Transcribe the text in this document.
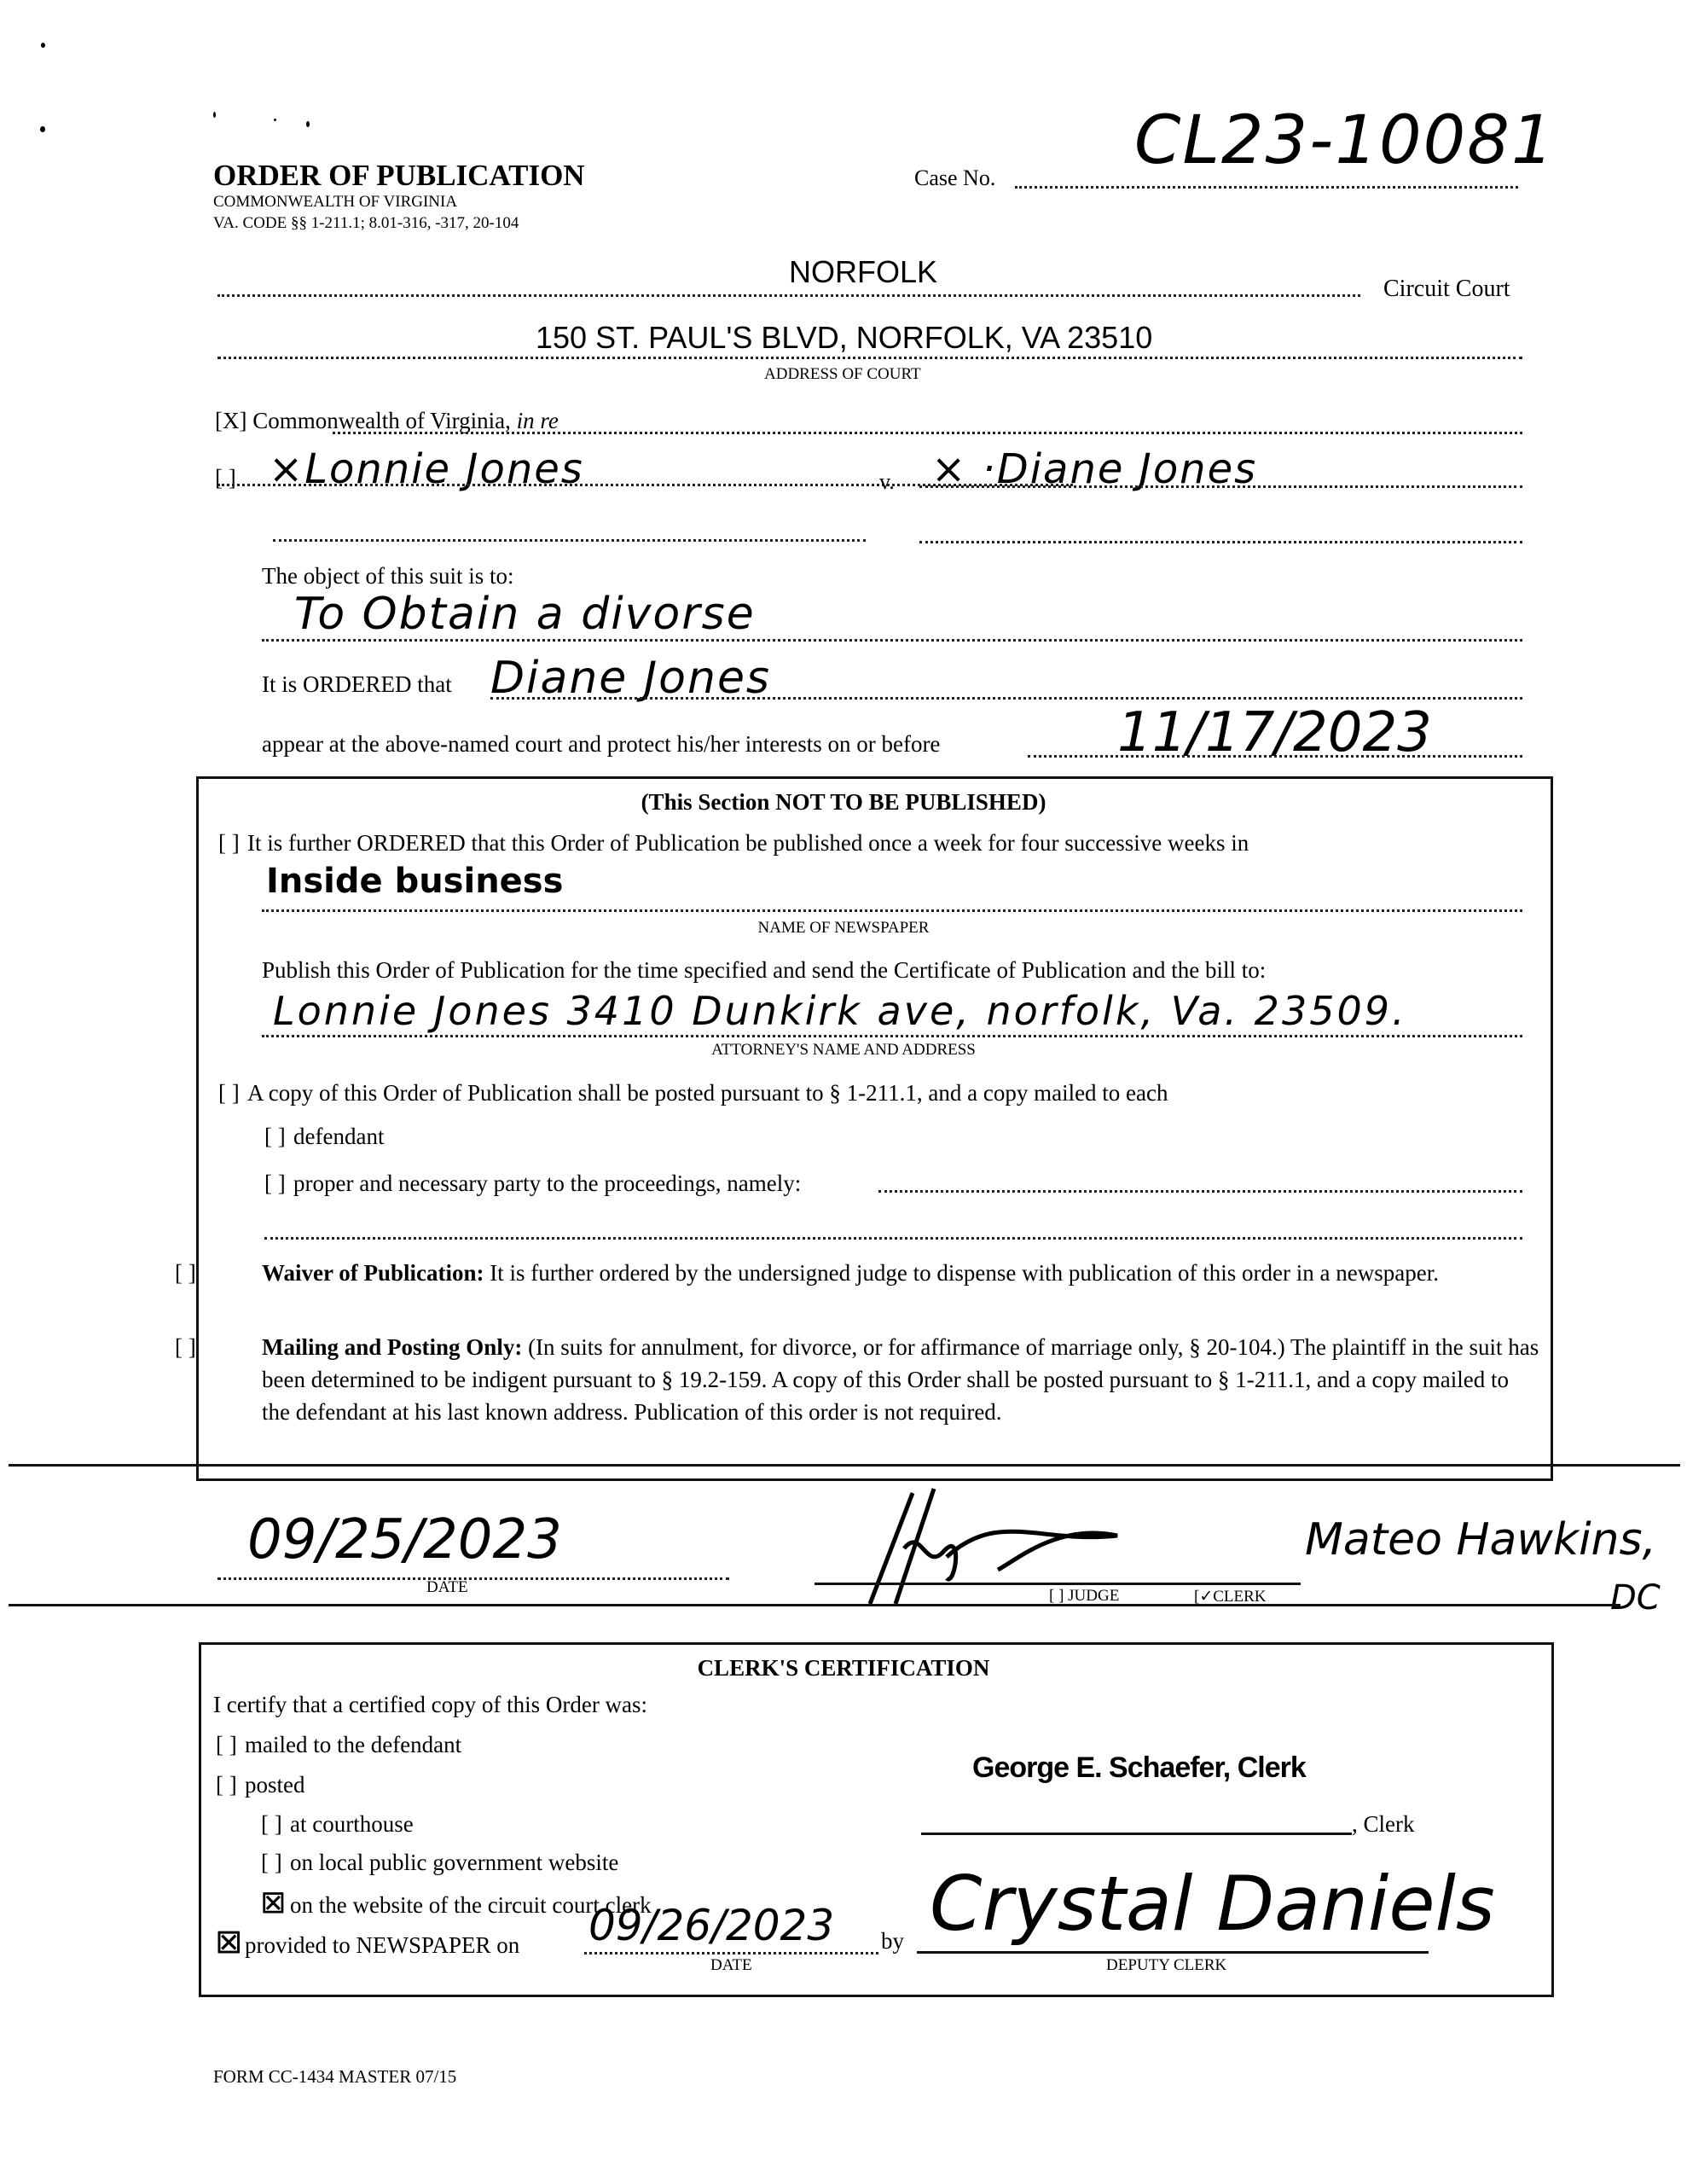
ORDER OF PUBLICATION
COMMONWEALTH OF VIRGINIA
VA. CODE §§ 1-211.1; 8.01-316, -317, 20-104
Case No. CL23-10081
NORFOLK	Circuit Court
150 ST. PAUL'S BLVD, NORFOLK, VA 23510
ADDRESS OF COURT
[X] Commonwealth of Virginia, in re
[ ] ×Lonnie Jones	v. × ·Diane Jones
The object of this suit is to:
To Obtain a divorse
It is ORDERED that Diane Jones
appear at the above-named court and protect his/her interests on or before	11/17/2023
(This Section NOT TO BE PUBLISHED)
[ ] It is further ORDERED that this Order of Publication be published once a week for four successive weeks in
Inside business
NAME OF NEWSPAPER
Publish this Order of Publication for the time specified and send the Certificate of Publication and the bill to:
Lonnie Jones 3410 Dunkirk ave, norfolk, Va. 23509.
ATTORNEY'S NAME AND ADDRESS
[ ] A copy of this Order of Publication shall be posted pursuant to § 1-211.1, and a copy mailed to each
[ ] defendant
[ ] proper and necessary party to the proceedings, namely:
[ ]	Waiver of Publication: It is further ordered by the undersigned judge to dispense with publication of this order in a newspaper.
[ ]	Mailing and Posting Only: (In suits for annulment, for divorce, or for affirmance of marriage only, § 20-104.) The plaintiff in the suit has been determined to be indigent pursuant to § 19.2-159. A copy of this Order shall be posted pursuant to § 1-211.1, and a copy mailed to the defendant at his last known address. Publication of this order is not required.
09/25/2023
DATE	[ ] JUDGE	[✓CLERK
Mateo Hawkins,
DC
CLERK'S CERTIFICATION
I certify that a certified copy of this Order was:
[ ] mailed to the defendant
[ ] posted
[ ] at courthouse
[ ] on local public government website
☒ on the website of the circuit court clerk
☒ provided to NEWSPAPER on 09/26/2023
DATE
by
George E. Schaefer, Clerk
, Clerk
Crystal Daniels
DEPUTY CLERK
FORM CC-1434 MASTER 07/15
